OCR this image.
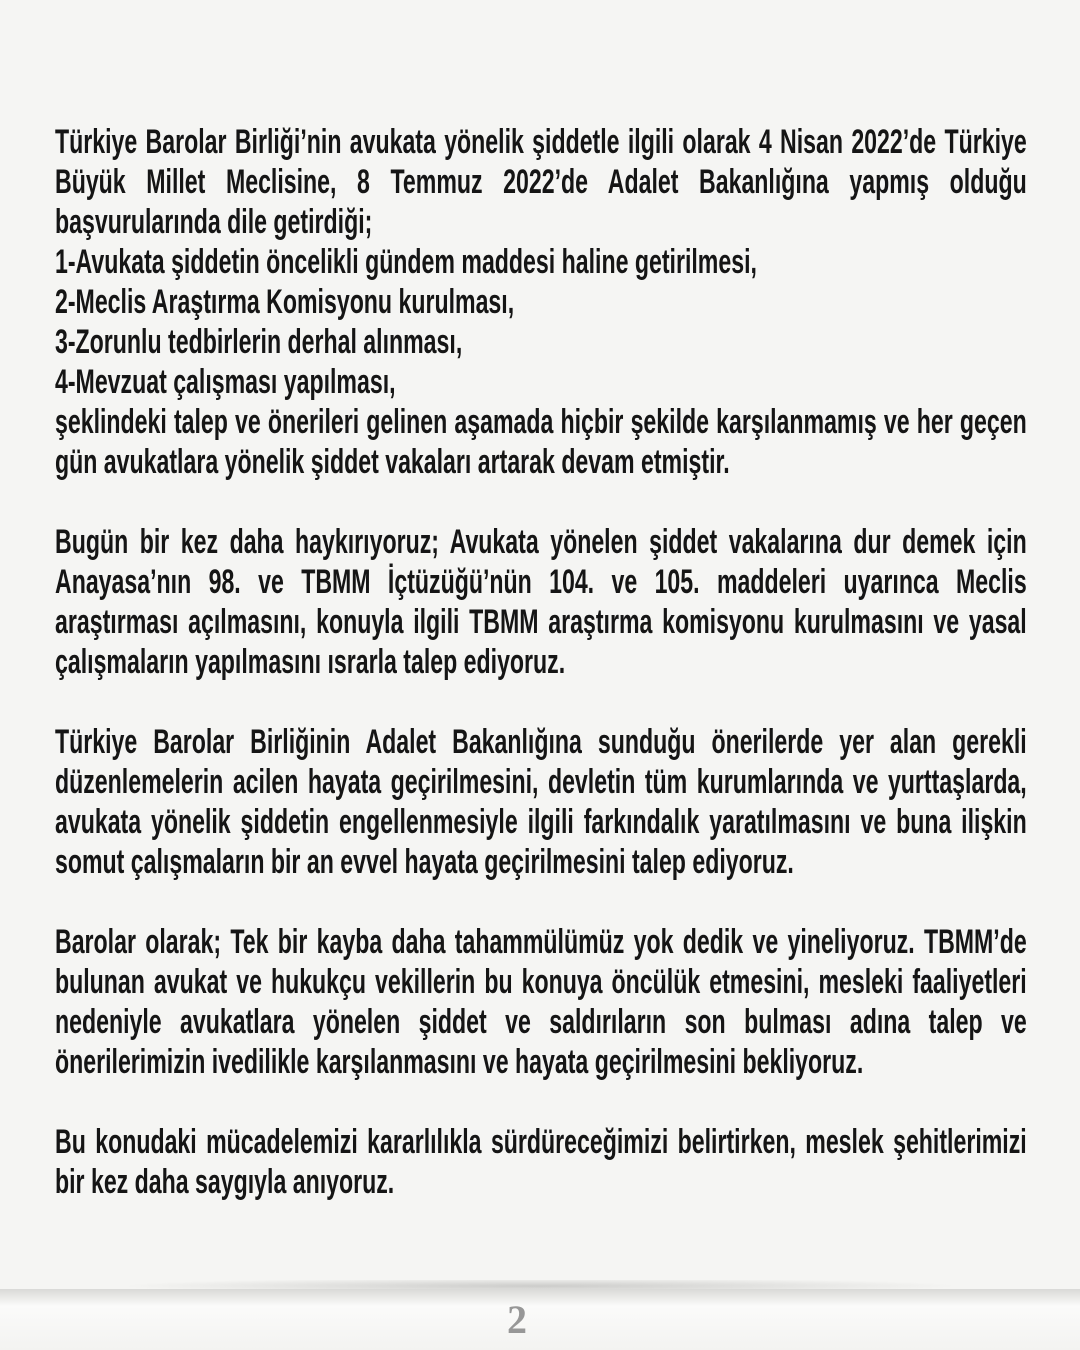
Türkiye Barolar Birliği’nin avukata yönelik şiddetle ilgili olarak 4 Nisan 2022’de Türkiye Büyük Millet Meclisine, 8 Temmuz 2022’de Adalet Bakanlığına yapmış olduğu başvurularında dile getirdiği;

1-Avukata şiddetin öncelikli gündem maddesi haline getirilmesi,

2-Meclis Araştırma Komisyonu kurulması,

3-Zorunlu tedbirlerin derhal alınması,

4-Mevzuat çalışması yapılması,

şeklindeki talep ve önerileri gelinen aşamada hiçbir şekilde karşılanmamış ve her geçen gün avukatlara yönelik şiddet vakaları artarak devam etmiştir.

Bugün bir kez daha haykırıyoruz; Avukata yönelen şiddet vakalarına dur demek için Anayasa’nın 98. ve TBMM İçtüzüğü’nün 104. ve 105. maddeleri uyarınca Meclis araştırması açılmasını, konuyla ilgili TBMM araştırma komisyonu kurulmasını ve yasal çalışmaların yapılmasını ısrarla talep ediyoruz.

Türkiye Barolar Birliğinin Adalet Bakanlığına sunduğu önerilerde yer alan gerekli düzenlemelerin acilen hayata geçirilmesini, devletin tüm kurumlarında ve yurttaşlarda, avukata yönelik şiddetin engellenmesiyle ilgili farkındalık yaratılmasını ve buna ilişkin somut çalışmaların bir an evvel hayata geçirilmesini talep ediyoruz.

Barolar olarak; Tek bir kayba daha tahammülümüz yok dedik ve yineliyoruz. TBMM’de bulunan avukat ve hukukçu vekillerin bu konuya öncülük etmesini, mesleki faaliyetleri nedeniyle avukatlara yönelen şiddet ve saldırıların son bulması adına talep ve önerilerimizin ivedilikle karşılanmasını ve hayata geçirilmesini bekliyoruz.

Bu konudaki mücadelemizi kararlılıkla sürdüreceğimizi belirtirken, meslek şehitlerimizi bir kez daha saygıyla anıyoruz.

2
